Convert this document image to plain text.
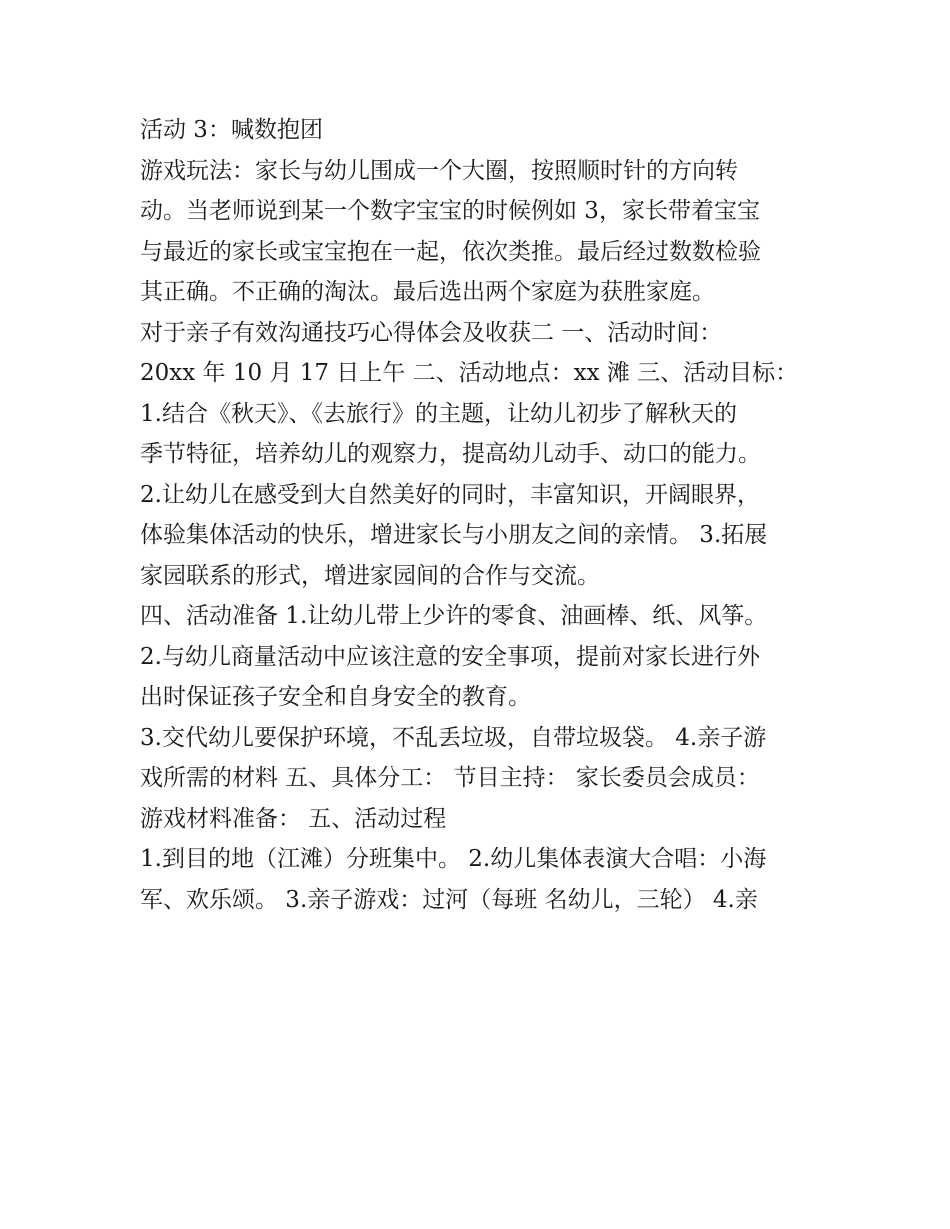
活动 3：喊数抱团
游戏玩法：家长与幼儿围成一个大圈，按照顺时针的方向转
动。当老师说到某一个数字宝宝的时候例如 3，家长带着宝宝
与最近的家长或宝宝抱在一起，依次类推。最后经过数数检验
其正确。不正确的淘汰。最后选出两个家庭为获胜家庭。
对于亲子有效沟通技巧心得体会及收获二 一、活动时间：
20xx 年 10 月 17 日上午 二、活动地点：xx 滩 三、活动目标：
1.结合《秋天》、《去旅行》的主题，让幼儿初步了解秋天的
季节特征，培养幼儿的观察力，提高幼儿动手、动口的能力。
2.让幼儿在感受到大自然美好的同时，丰富知识，开阔眼界，
体验集体活动的快乐，增进家长与小朋友之间的亲情。 3.拓展
家园联系的形式，增进家园间的合作与交流。
四、活动准备 1.让幼儿带上少许的零食、油画棒、纸、风筝。
2.与幼儿商量活动中应该注意的安全事项，提前对家长进行外
出时保证孩子安全和自身安全的教育。
3.交代幼儿要保护环境，不乱丢垃圾，自带垃圾袋。 4.亲子游
戏所需的材料 五、具体分工： 节目主持： 家长委员会成员：
游戏材料准备： 五、活动过程
1.到目的地（江滩）分班集中。 2.幼儿集体表演大合唱：小海
军、欢乐颂。 3.亲子游戏：过河（每班 名幼儿，三轮） 4.亲
